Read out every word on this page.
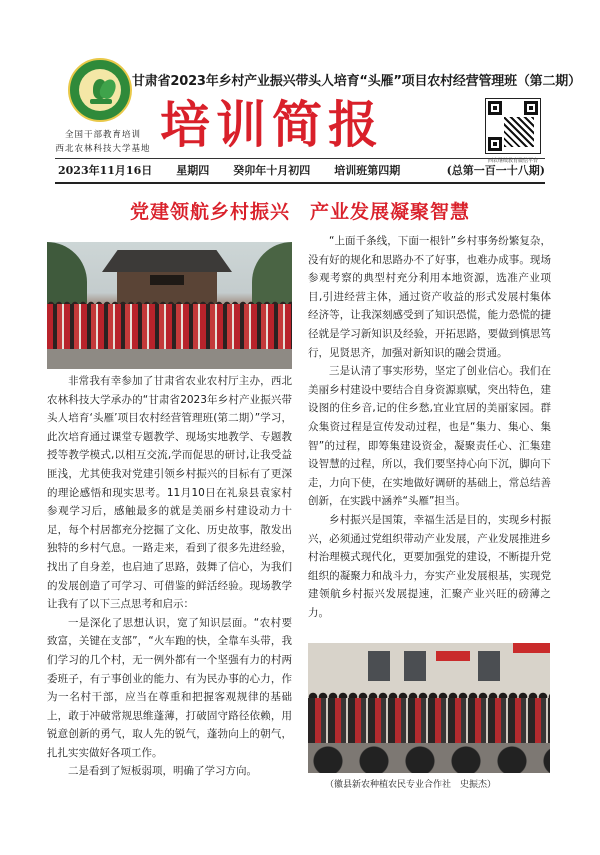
全国干部教育培训
西北农林科技大学基地
甘肃省2023年乡村产业振兴带头人培育“头雁”项目农村经营管理班（第二期）
培训简报
西农继续教育微信平台
2023年11月16日 星期四 癸卯年十月初四 培训班第四期	(总第一百一十八期)
党建领航乡村振兴　产业发展凝聚智慧

非常我有幸参加了甘肃省农业农村厅主办，西北农林科技大学承办的“甘肃省2023年乡村产业振兴带头人培育‘头雁’项目农村经营管理班(第二期）”学习，此次培育通过课堂专题教学、现场实地教学、专题教授等教学模式,以相互交流,学而促思的研讨,让我受益匪浅，尤其使我对党建引领乡村振兴的目标有了更深的理论感悟和现实思考。11月10日在礼泉县袁家村参观学习后，感触最多的就是美丽乡村建设动力十足，每个村居都充分挖掘了文化、历史故事，散发出独特的乡村气息。一路走来，看到了很多先进经验，找出了自身差，也启迪了思路，鼓舞了信心，为我们的发展创造了可学习、可借鉴的鲜活经验。现场教学让我有了以下三点思考和启示：

一是深化了思想认识，宽了知识层面。“农村要致富，关键在支部”，“火车跑的快，全靠车头带，我们学习的几个村，无一例外都有一个坚强有力的村两委班子，有亍事创业的能力、有为民办事的心力，作为一名村干部，应当在尊重和把握客观规律的基础上，敢于冲破常规思维蓬薄，打破固守路径依赖，用锐意创新的勇气，取人先的锐气，蓬勃向上的朝气，扎扎实实做好各项工作。

二是看到了短板弱项，明确了学习方向。

“上面千条线，下面一根针”乡村事务纷繁复杂，没有好的规化和思路办不了好事，也难办成事。现场参观考察的典型村充分利用本地资源，选准产业项目,引进经营主体，通过资产收益的形式发展村集体经济等，让我深刻感受到了知识恐慌，能力恐慌的捷径就是学习新知识及经验，开拓思路，要做到慎思笃行，见贤思齐，加强对新知识的融会贯通。

三是认清了事实形势，坚定了创业信心。我们在美丽乡村建设中要结合自身资源禀赋，突出特色，建设图的住乡音,记的住乡愁,宜业宜居的美丽家园。群众集资过程是宣传发动过程，也是“集力、集心、集智”的过程，即筹集建设资金，凝聚责任心、汇集建设智慧的过程，所以，我们要坚持心向下沉，脚向下走，力向下使，在实地做好调研的基础上，常总结善创新，在实践中涵养“头雁”担当。

乡村振兴是国策，幸福生活是目的，实现乡村振兴，必须通过党组织带动产业发展，产业发展推进乡村治理模式现代化，更要加强党的建设，不断提升党组织的凝聚力和战斗力，夯实产业发展根基，实现党建领航乡村振兴发展提速，汇聚产业兴旺的磅薄之力。

（徽县新农种植农民专业合作社　史振杰）
